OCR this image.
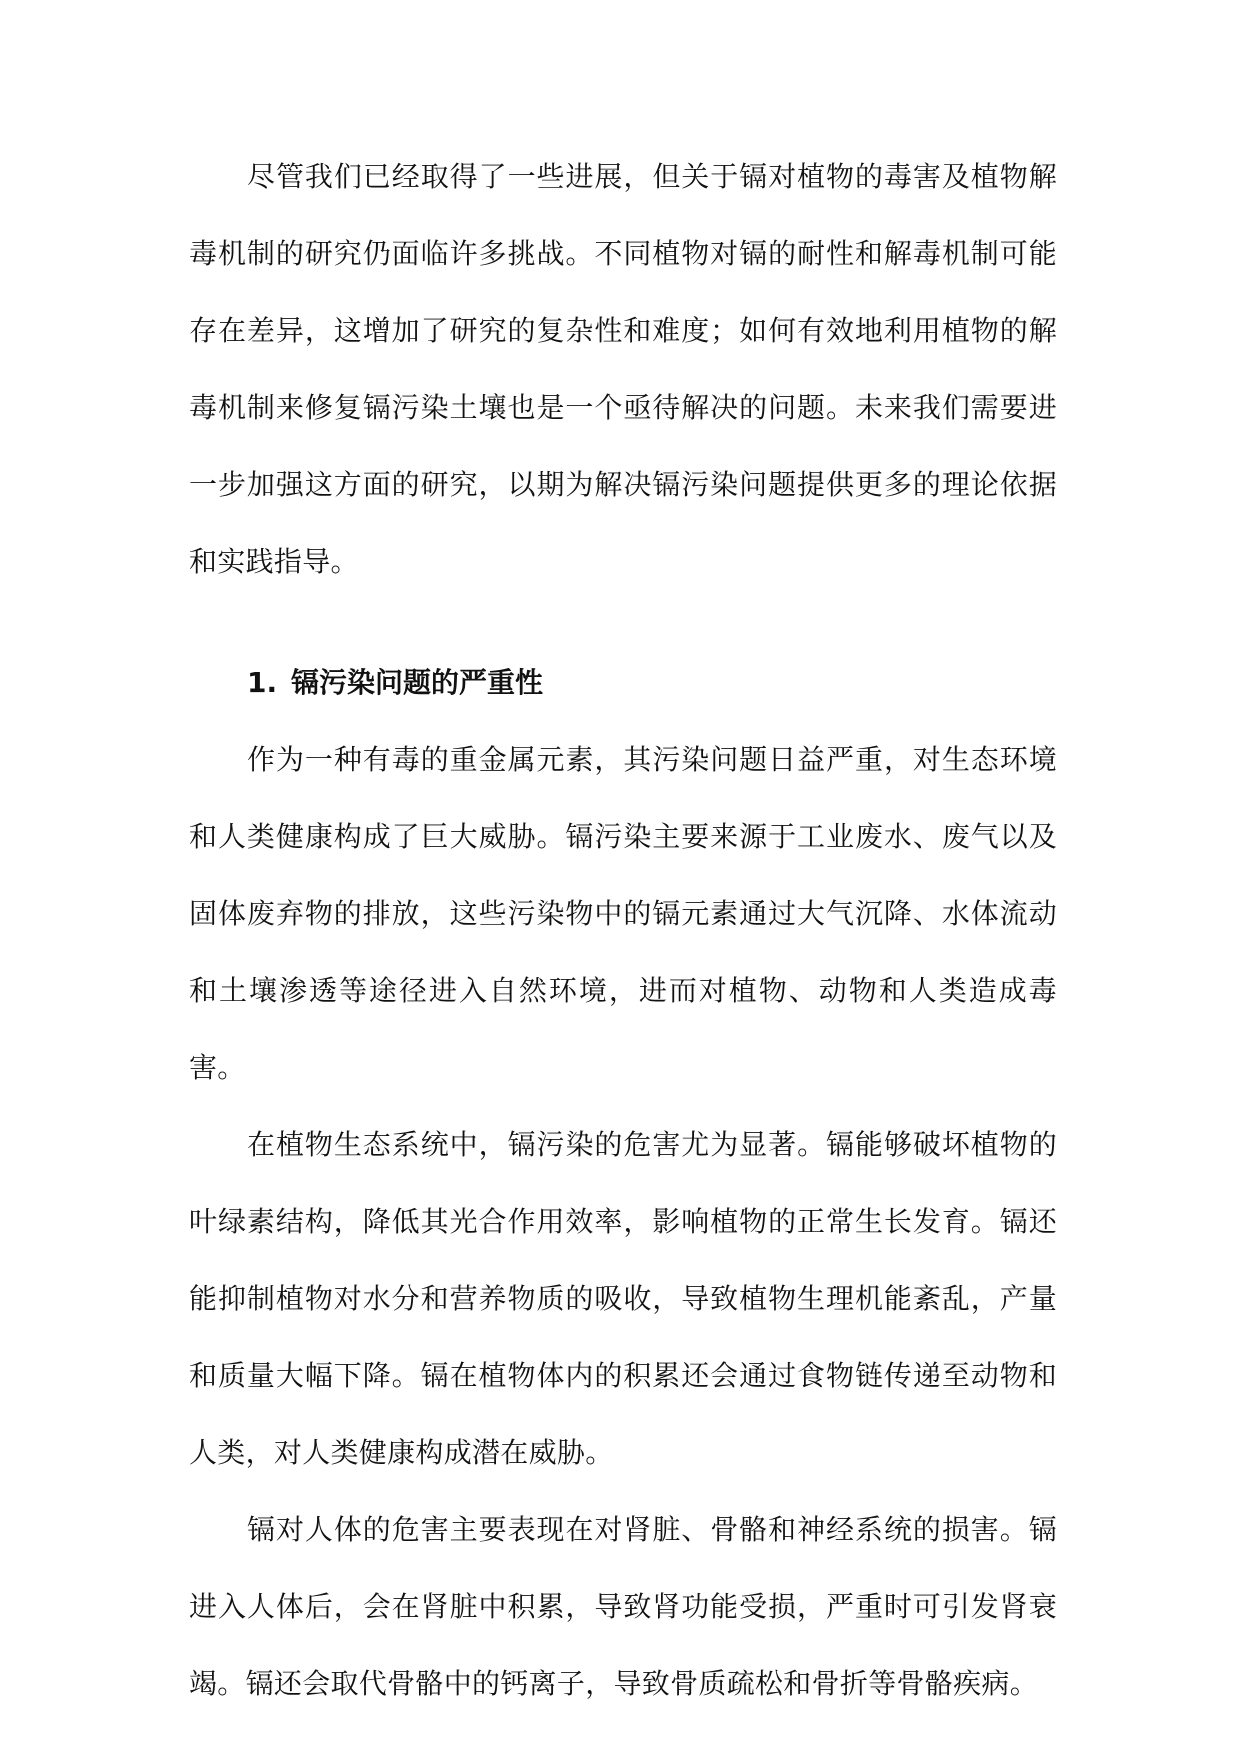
尽管我们已经取得了一些进展，但关于镉对植物的毒害及植物解毒机制的研究仍面临许多挑战。不同植物对镉的耐性和解毒机制可能存在差异，这增加了研究的复杂性和难度；如何有效地利用植物的解毒机制来修复镉污染土壤也是一个亟待解决的问题。未来我们需要进一步加强这方面的研究，以期为解决镉污染问题提供更多的理论依据和实践指导。

1. 镉污染问题的严重性

作为一种有毒的重金属元素，其污染问题日益严重，对生态环境和人类健康构成了巨大威胁。镉污染主要来源于工业废水、废气以及固体废弃物的排放，这些污染物中的镉元素通过大气沉降、水体流动和土壤渗透等途径进入自然环境，进而对植物、动物和人类造成毒害。

在植物生态系统中，镉污染的危害尤为显著。镉能够破坏植物的叶绿素结构，降低其光合作用效率，影响植物的正常生长发育。镉还能抑制植物对水分和营养物质的吸收，导致植物生理机能紊乱，产量和质量大幅下降。镉在植物体内的积累还会通过食物链传递至动物和人类，对人类健康构成潜在威胁。

镉对人体的危害主要表现在对肾脏、骨骼和神经系统的损害。镉进入人体后，会在肾脏中积累，导致肾功能受损，严重时可引发肾衰竭。镉还会取代骨骼中的钙离子，导致骨质疏松和骨折等骨骼疾病。
